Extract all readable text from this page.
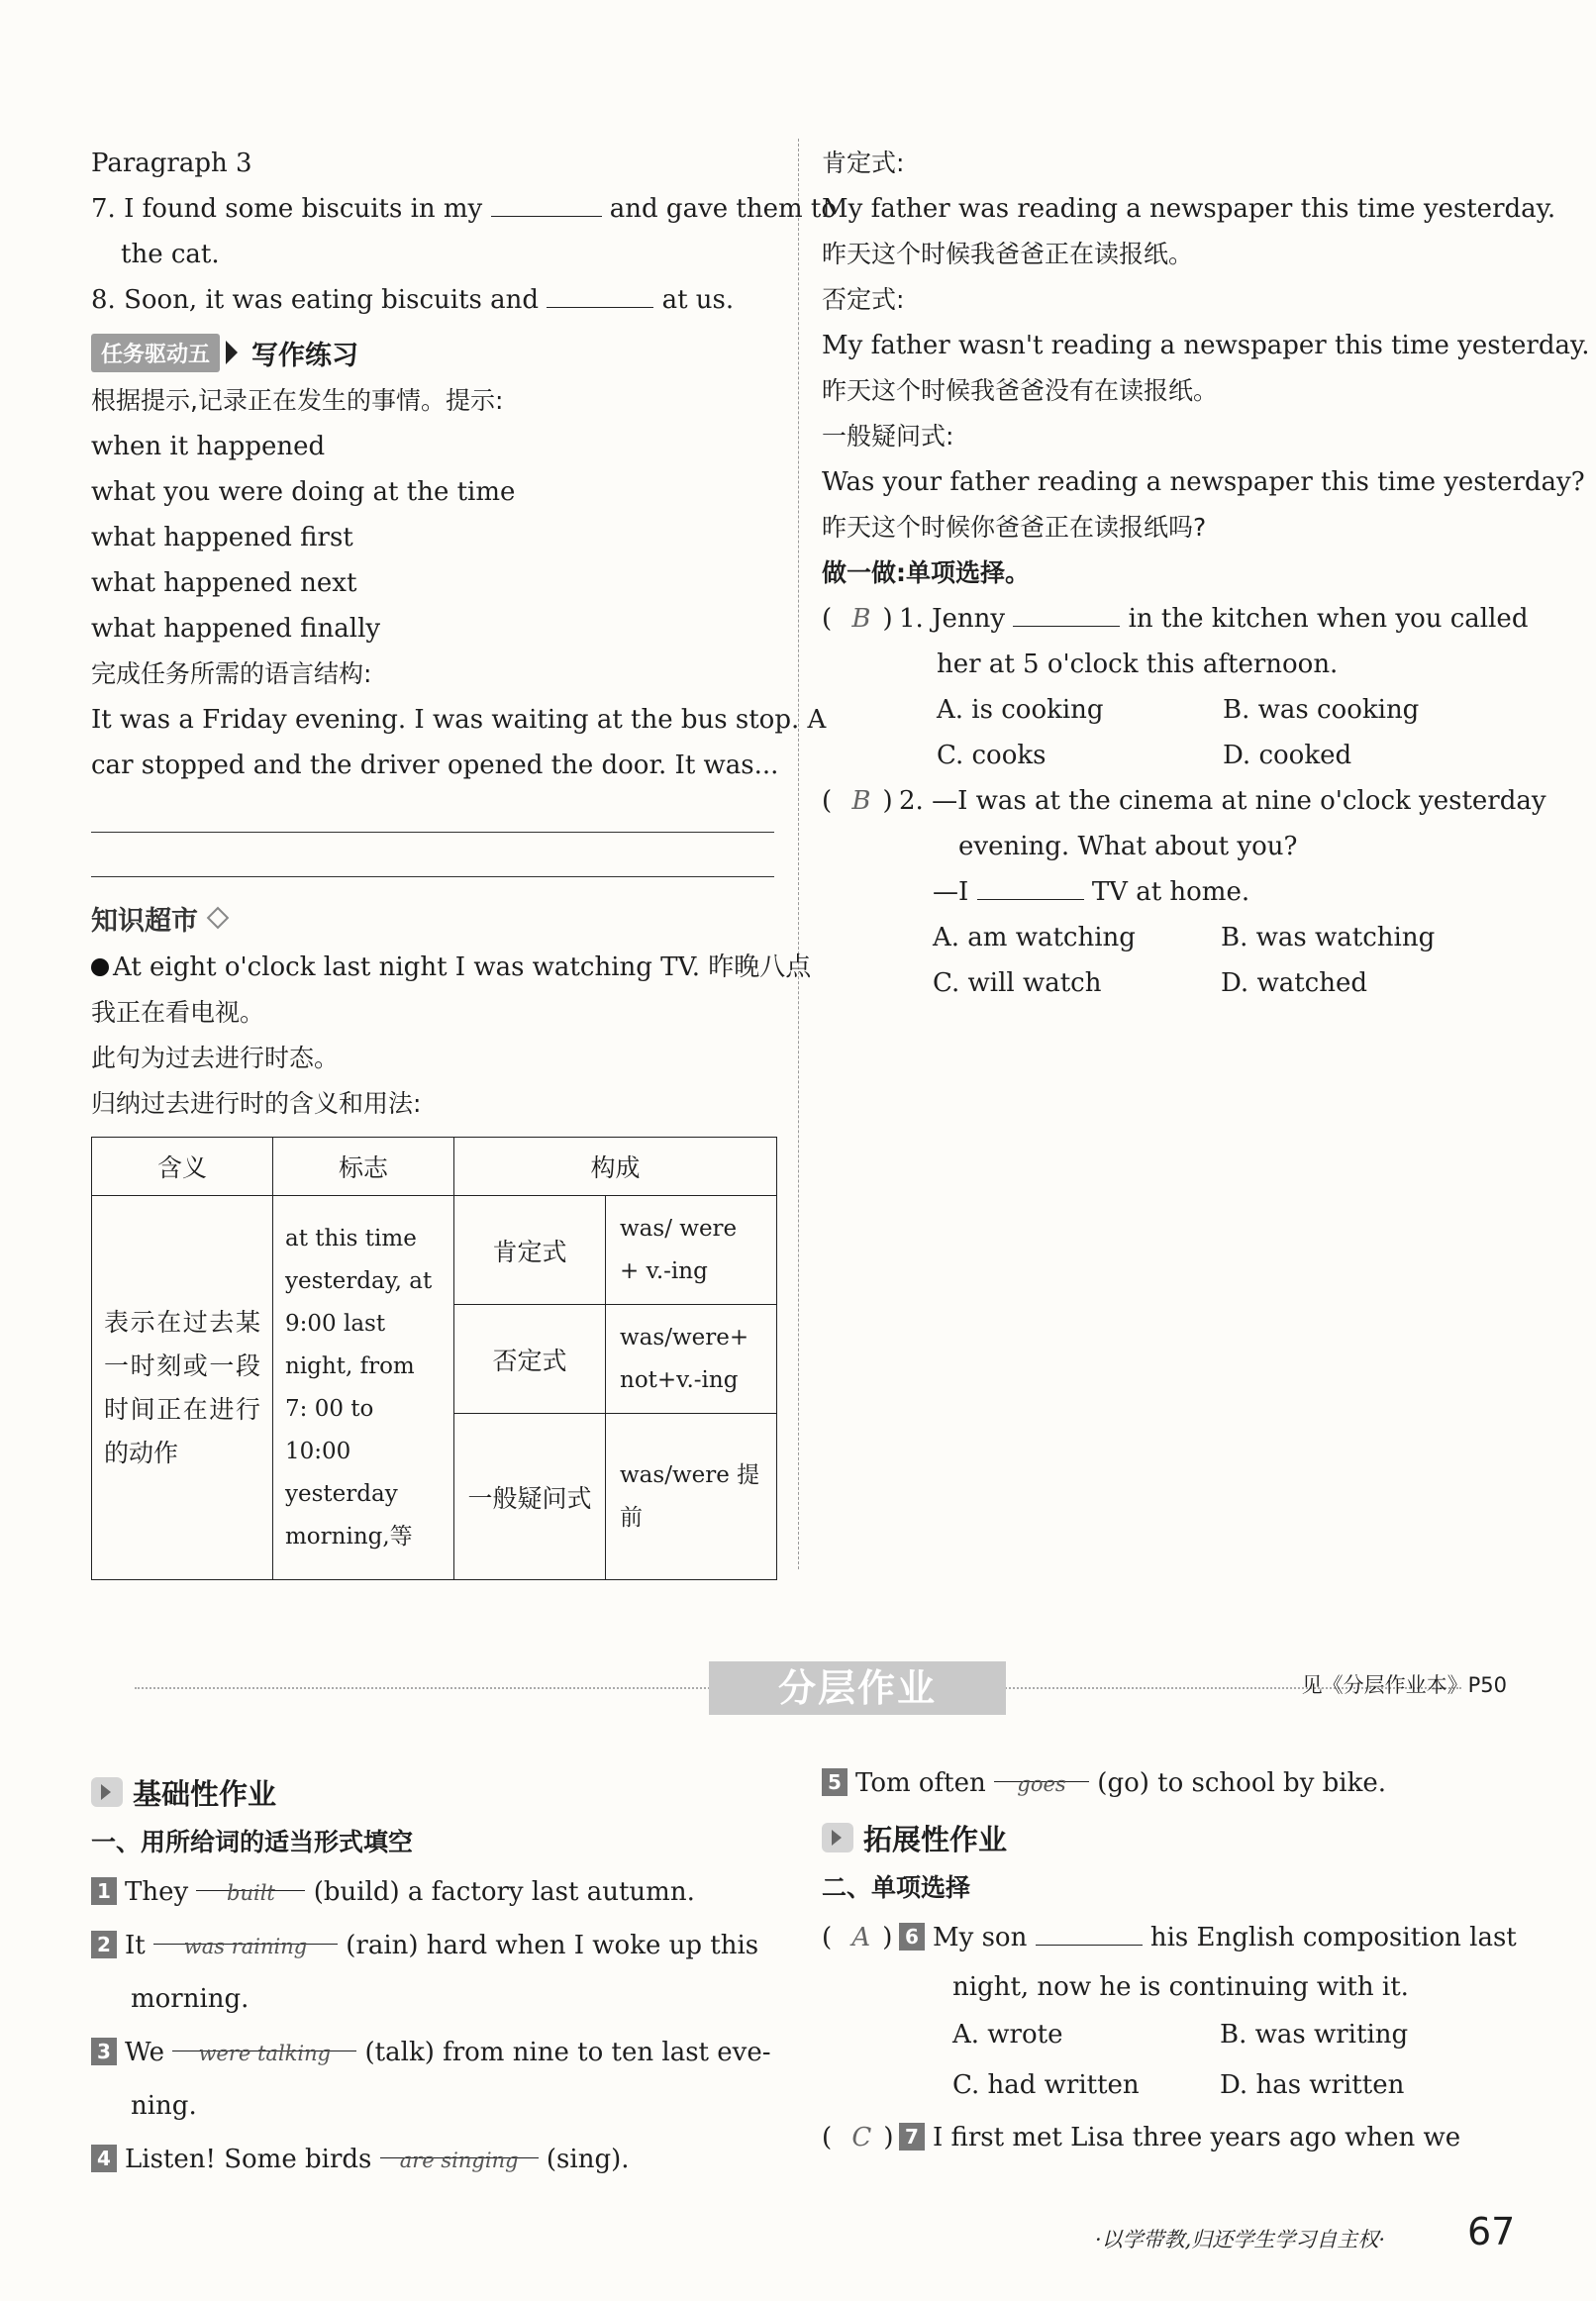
Paragraph 3
7. I found some biscuits in my	and gave them to
the cat.
8. Soon, it was eating biscuits and	at us.
任务驱动五	写作练习
根据提示,记录正在发生的事情。提示:
when it happened
what you were doing at the time
what happened first
what happened next
what happened finally
完成任务所需的语言结构:
It was a Friday evening. I was waiting at the bus stop. A
car stopped and the driver opened the door. It was...
知识超市
At eight o'clock last night I was watching TV. 昨晚八点
我正在看电视。
此句为过去进行时态。
归纳过去进行时的含义和用法:
含义	标志	构成	
表示在过去某一时刻或一段时间正在进行的动作	at this time yesterday, at 9:00 last night, from 7: 00 to 10:00 yesterday morning,等	肯定式	was/ were + v.-ing
		否定式	was/were+ not+v.-ing
		一般疑问式	was/were 提前
肯定式:
My father was reading a newspaper this time yesterday.
昨天这个时候我爸爸正在读报纸。
否定式:
My father wasn't reading a newspaper this time yesterday.
昨天这个时候我爸爸没有在读报纸。
一般疑问式:
Was your father reading a newspaper this time yesterday?
昨天这个时候你爸爸正在读报纸吗?
做一做:单项选择。
( B ) 1. Jenny	in the kitchen when you called
her at 5 o'clock this afternoon.
A. is cooking	B. was cooking
C. cooks	D. cooked
( B ) 2. —I was at the cinema at nine o'clock yesterday
evening. What about you?
—I	TV at home.
A. am watching	B. was watching
C. will watch	D. watched
分层作业	见《分层作业本》P50
基础性作业
一、用所给词的适当形式填空
1 They built (build) a factory last autumn.
2 It was raining (rain) hard when I woke up this
morning.
3 We were talking (talk) from nine to ten last eve-
ning.
4 Listen! Some birds are singing (sing).
5 Tom often goes (go) to school by bike.
拓展性作业
二、单项选择
( A ) 6 My son	his English composition last
night, now he is continuing with it.
A. wrote	B. was writing
C. had written	D. has written
( C ) 7 I first met Lisa three years ago when we
·以学带教,归还学生学习自主权· 67
